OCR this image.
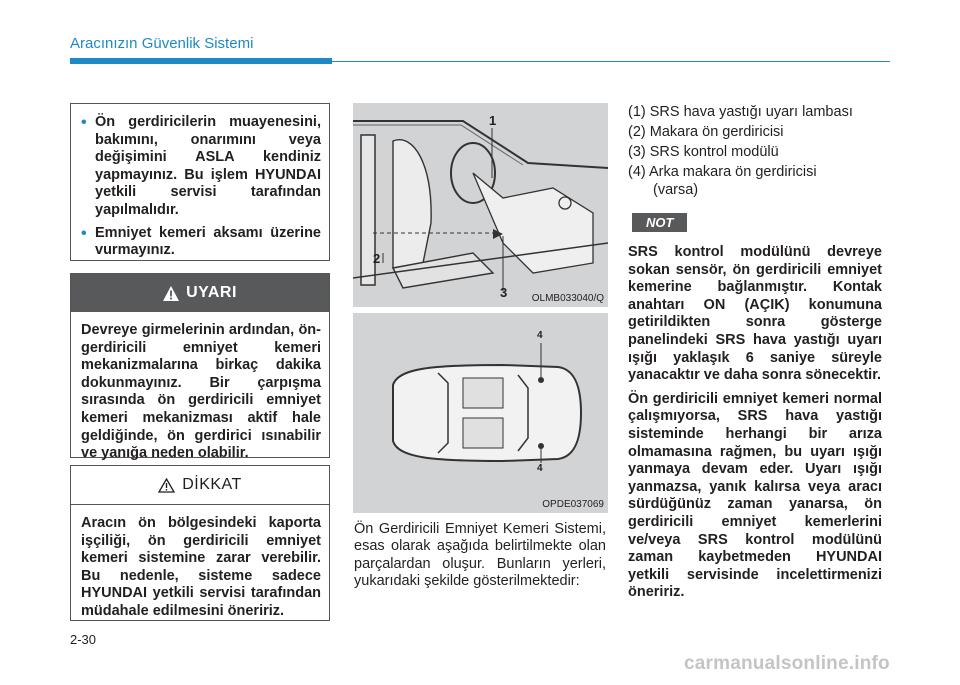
Aracınızın Güvenlik Sistemi
• Ön gerdiricilerin muayenesini, bakımını, onarımını veya değişimini ASLA kendiniz yapmayınız. Bu işlem HYUNDAI yetkili servisi tarafından yapılmalıdır.
• Emniyet kemeri aksamı üzerine vurmayınız.
UYARI
Devreye girmelerinin ardından, ön-gerdiricili emniyet kemeri mekanizmalarına birkaç dakika dokunmayınız. Bir çarpışma sırasında ön gerdiricili emniyet kemeri mekanizması aktif hale geldiğinde, ön gerdirici ısınabilir ve yanığa neden olabilir.
DİKKAT
Aracın ön bölgesindeki kaporta işçiliği, ön gerdiricili emniyet kemeri sistemine zarar verebilir. Bu nedenle, sisteme sadece HYUNDAI yetkili servisi tarafından müdahale edilmesini öneririz.
1
2
3 OLMB033040/Q
4
4
OPDE037069
Ön Gerdiricili Emniyet Kemeri Sistemi, esas olarak aşağıda belirtilmekte olan parçalardan oluşur. Bunların yerleri, yukarıdaki şekilde gösterilmektedir:
(1) SRS hava yastığı uyarı lambası
(2) Makara ön gerdiricisi
(3) SRS kontrol modülü
(4) Arka makara ön gerdiricisi
(varsa)
NOT

SRS kontrol modülünü devreye sokan sensör, ön gerdiricili emniyet kemerine bağlanmıştır. Kontak anahtarı ON (AÇIK) konumuna getirildikten sonra gösterge panelindeki SRS hava yastığı uyarı ışığı yaklaşık 6 saniye süreyle yanacaktır ve daha sonra sönecektir.

Ön gerdiricili emniyet kemeri normal çalışmıyorsa, SRS hava yastığı sisteminde herhangi bir arıza olmamasına rağmen, bu uyarı ışığı yanmaya devam eder. Uyarı ışığı yanmazsa, yanık kalırsa veya aracı sürdüğünüz zaman yanarsa, ön gerdiricili emniyet kemerlerini ve/veya SRS kontrol modülünü zaman kaybetmeden HYUNDAI yetkili servisinde incelettirmenizi öneririz.

2-30
carmanualsonline.info
